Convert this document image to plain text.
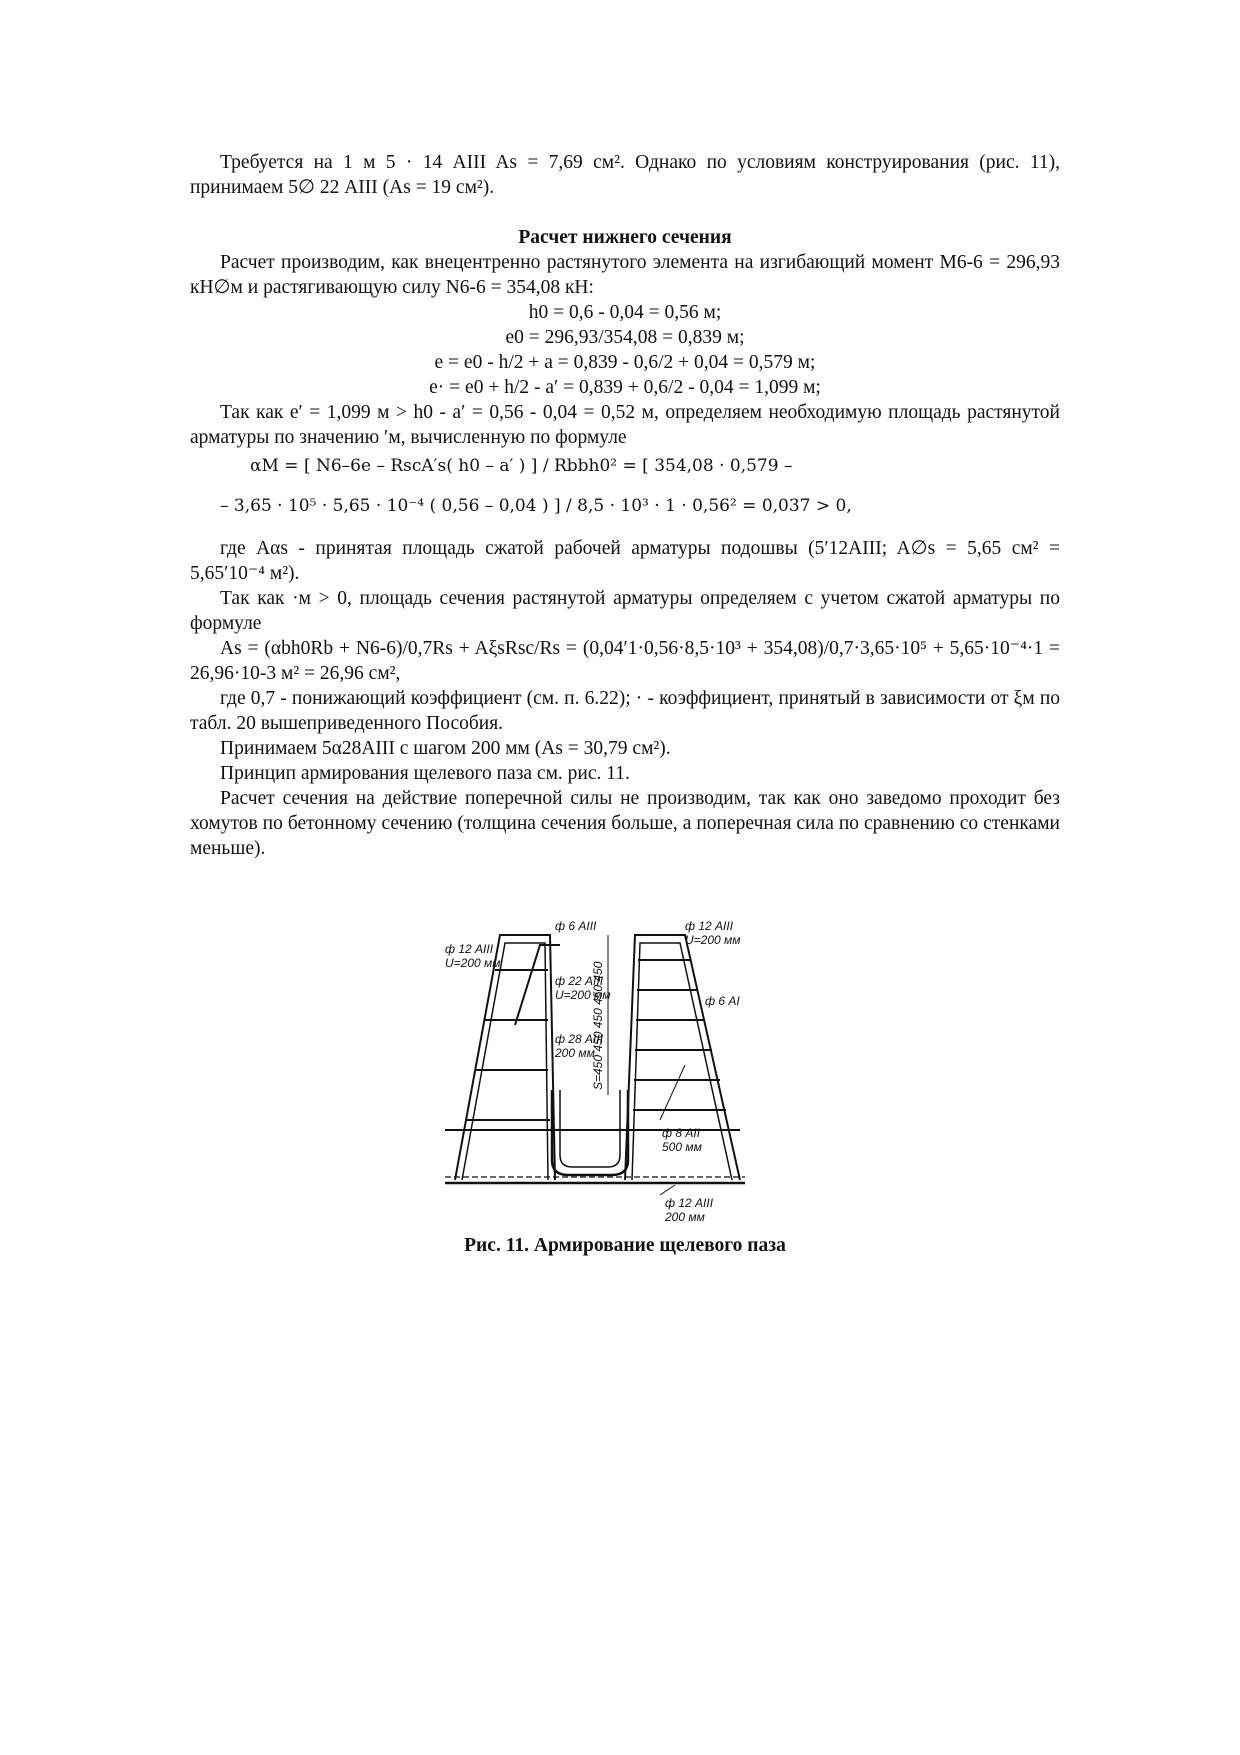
Требуется на 1 м 5 · 14 АIII As = 7,69 см². Однако по условиям конструирования (рис. 11), принимаем 5∅ 22 АIII (As = 19 см²).

Расчет нижнего сечения

Расчет производим, как внецентренно растянутого элемента на изгибающий момент M6-6 = 296,93 кН∅м и растягивающую силу N6-6 = 354,08 кН:

h0 = 0,6 - 0,04 = 0,56 м;

e0 = 296,93/354,08 = 0,839 м;

e = e0 - h/2 + a = 0,839 - 0,6/2 + 0,04 = 0,579 м;

e· = e0 + h/2 - a′ = 0,839 + 0,6/2 - 0,04 = 1,099 м;

Так как e′ = 1,099 м > h0 - a′ = 0,56 - 0,04 = 0,52 м, определяем необходимую площадь растянутой арматуры по значению ′м, вычисленную по формуле

αM = [ N6–6e – RscA′s( h0 – a′ ) ] / Rbbh0² = [ 354,08 · 0,579 –
– 3,65 · 10⁵ · 5,65 · 10⁻⁴ ( 0,56 – 0,04 ) ] / 8,5 · 10³ · 1 · 0,56² = 0,037 > 0,

где Aαs - принятая площадь сжатой рабочей арматуры подошвы (5′12АIII; A∅s = 5,65 см² = 5,65′10⁻⁴ м²).

Так как ·м > 0, площадь сечения растянутой арматуры определяем с учетом сжатой арматуры по формуле

As = (αbh0Rb + N6-6)/0,7Rs + AξsRsc/Rs = (0,04′1·0,56·8,5·10³ + 354,08)/0,7·3,65·10⁵ + 5,65·10⁻⁴·1 = 26,96·10-3 м² = 26,96 см²,

где 0,7 - понижающий коэффициент (см. п. 6.22); · - коэффициент, принятый в зависимости от ξм по табл. 20 вышеприведенного Пособия.

Принимаем 5α28АIII с шагом 200 мм (As = 30,79 см²).

Принцип армирования щелевого паза см. рис. 11.

Расчет сечения на действие поперечной силы не производим, так как оно заведомо проходит без хомутов по бетонному сечению (толщина сечения больше, а поперечная сила по сравнению со стенками меньше).

ф 12 АIII
U=200 мм
ф 6 АIII
ф 22 АIII
U=200 мм
ф 28 АIII
200 мм
S=450 450 450 450 450
ф 12 АIII
U=200 мм
ф 6 АI
ф 8 АII
500 мм
ф 12 АIII
200 мм
Рис. 11. Армирование щелевого паза
